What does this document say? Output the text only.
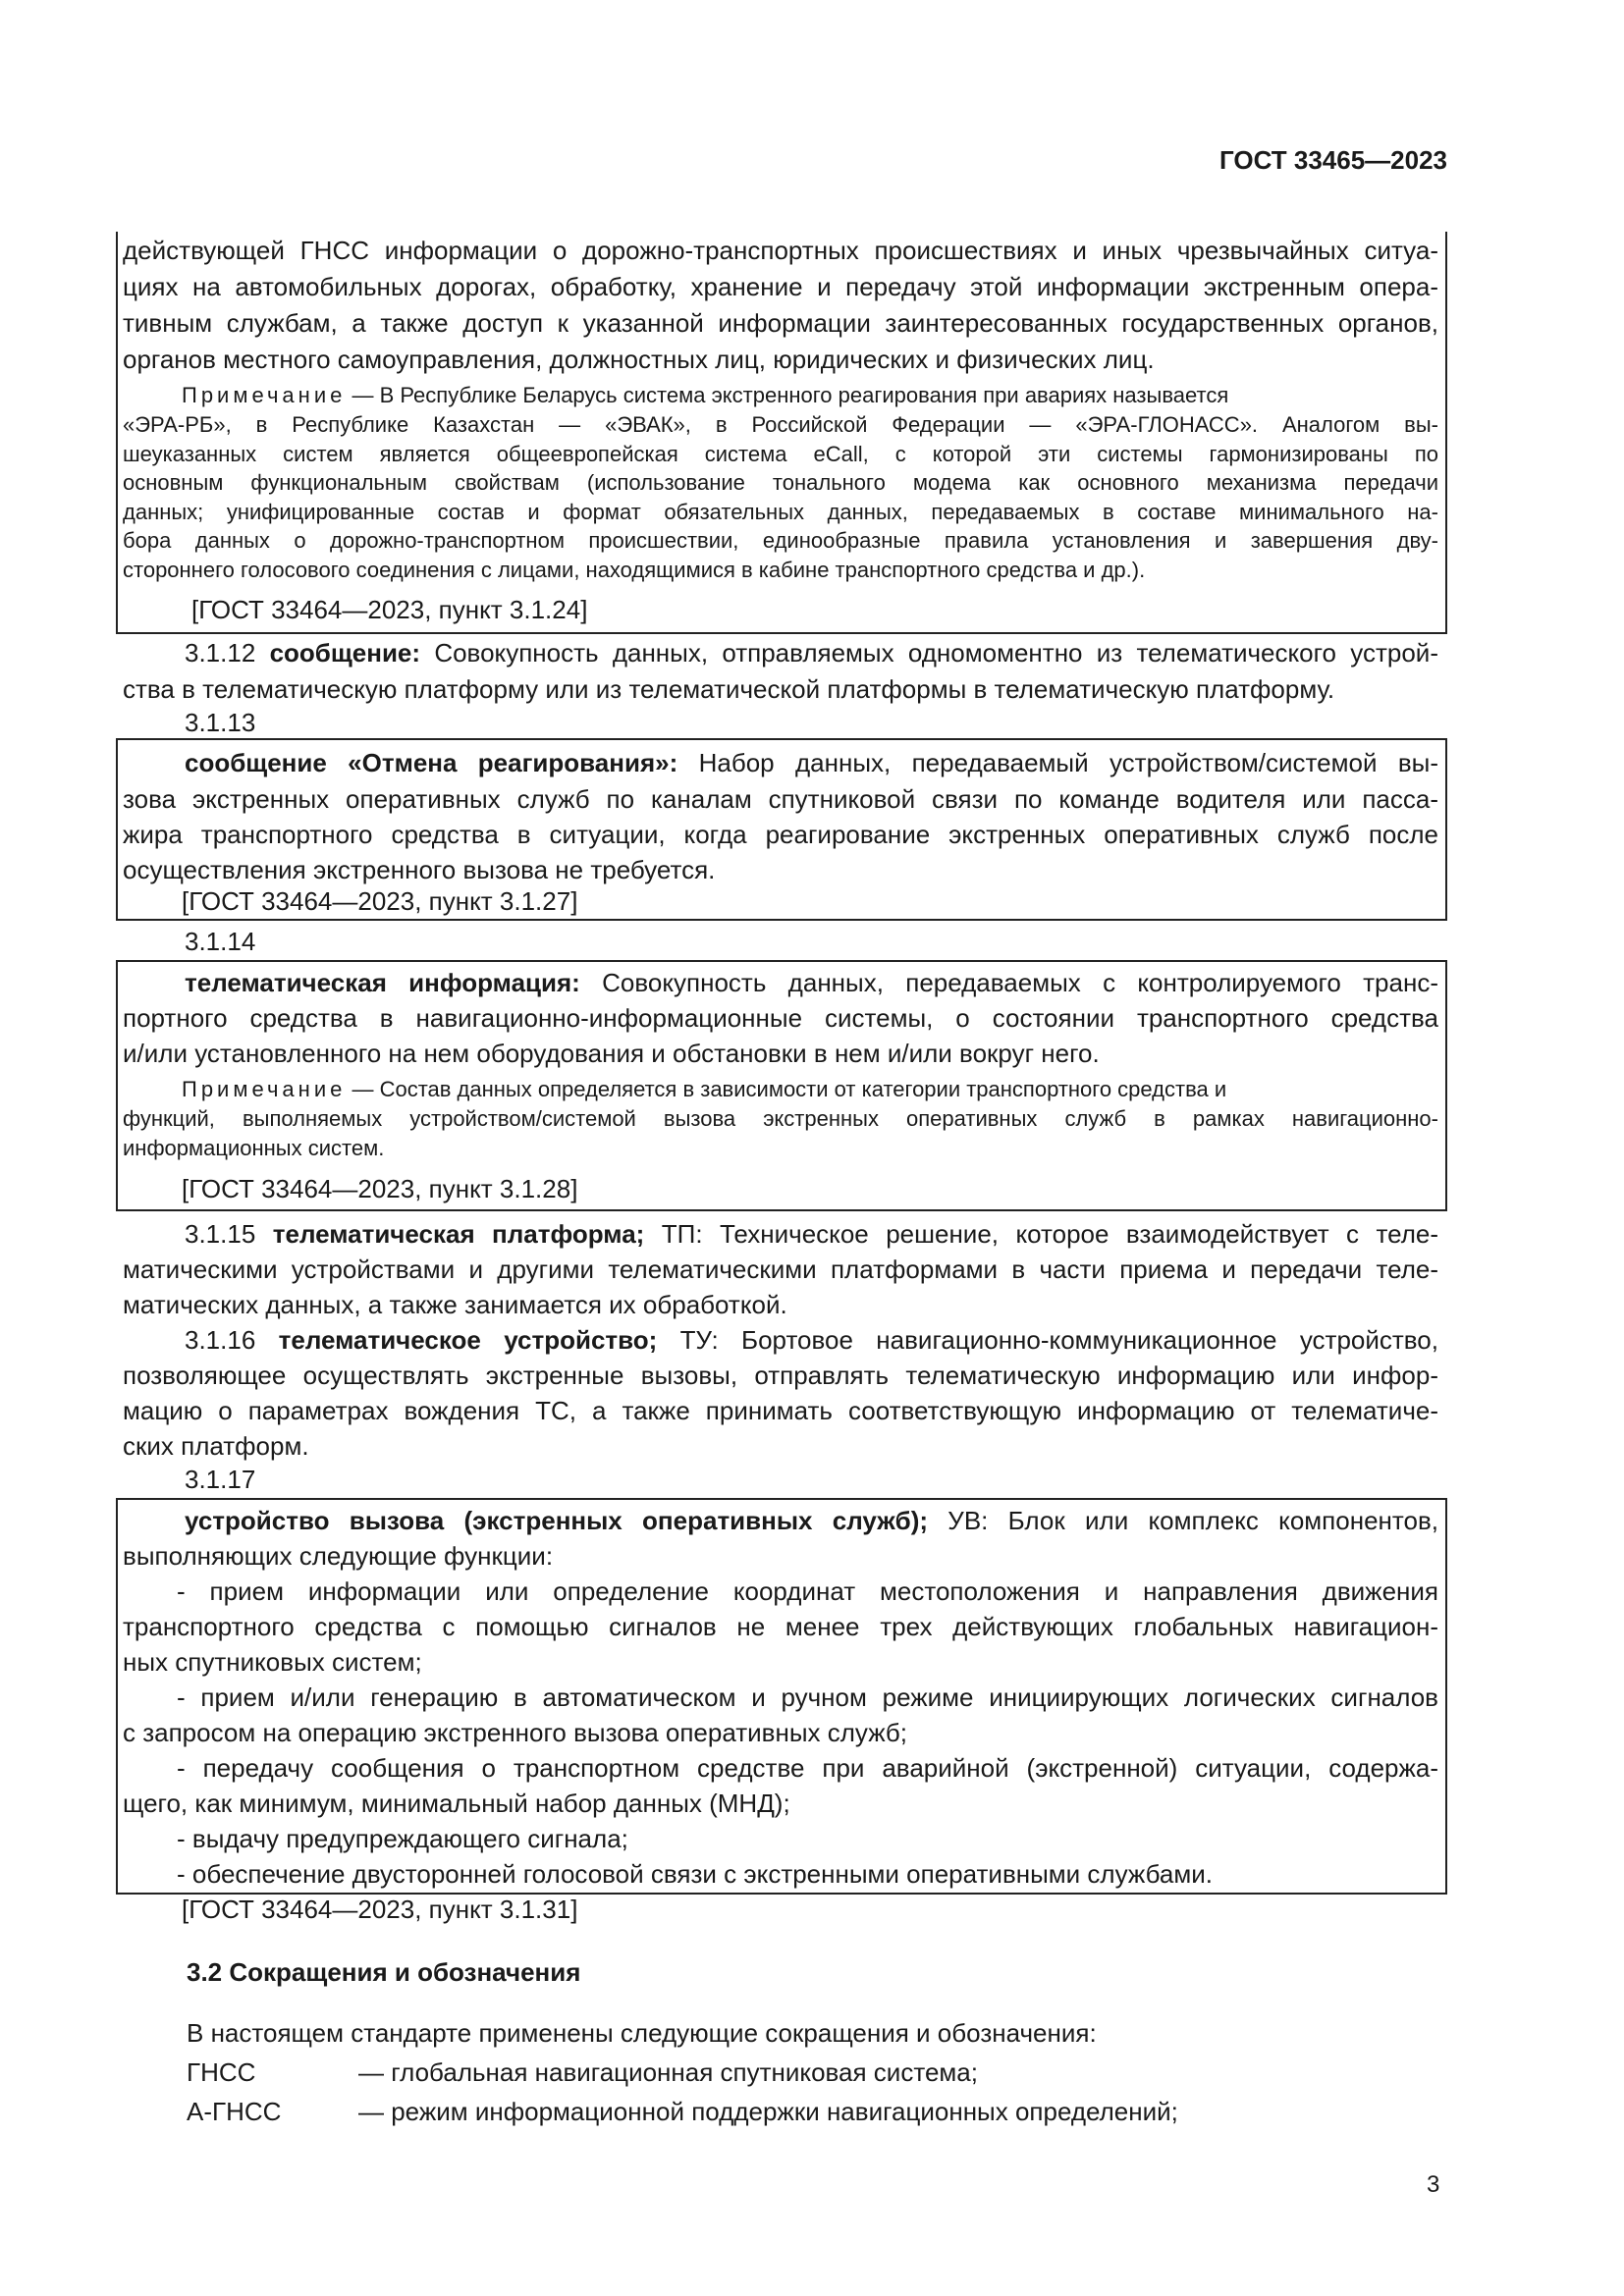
ГОСТ 33465—2023
действующей ГНСС информации о дорожно-транспортных происшествиях и иных чрезвычайных ситуа-
циях на автомобильных дорогах, обработку, хранение и передачу этой информации экстренным опера-
тивным службам, а также доступ к указанной информации заинтересованных государственных органов,
органов местного самоуправления, должностных лиц, юридических и физических лиц.
Примечание — В Республике Беларусь система экстренного реагирования при авариях называется
«ЭРА-РБ», в Республике Казахстан — «ЭВАК», в Российской Федерации — «ЭРА-ГЛОНАСС». Аналогом вы-
шеуказанных систем является общеевропейская система eCall, с которой эти системы гармонизированы по
основным функциональным свойствам (использование тонального модема как основного механизма передачи
данных; унифицированные состав и формат обязательных данных, передаваемых в составе минимального на-
бора данных о дорожно-транспортном происшествии, единообразные правила установления и завершения дву-
стороннего голосового соединения с лицами, находящимися в кабине транспортного средства и др.).
[ГОСТ 33464—2023, пункт 3.1.24]
3.1.12 сообщение: Совокупность данных, отправляемых одномоментно из телематического устрой-
ства в телематическую платформу или из телематической платформы в телематическую платформу.
3.1.13
сообщение «Отмена реагирования»: Набор данных, передаваемый устройством/системой вы-
зова экстренных оперативных служб по каналам спутниковой связи по команде водителя или пасса-
жира транспортного средства в ситуации, когда реагирование экстренных оперативных служб после
осуществления экстренного вызова не требуется.
[ГОСТ 33464—2023, пункт 3.1.27]
3.1.14
телематическая информация: Совокупность данных, передаваемых с контролируемого транс-
портного средства в навигационно-информационные системы, о состоянии транспортного средства
и/или установленного на нем оборудования и обстановки в нем и/или вокруг него.
Примечание — Состав данных определяется в зависимости от категории транспортного средства и
функций, выполняемых устройством/системой вызова экстренных оперативных служб в рамках навигационно-
информационных систем.
[ГОСТ 33464—2023, пункт 3.1.28]
3.1.15 телематическая платформа; ТП: Техническое решение, которое взаимодействует с теле-
матическими устройствами и другими телематическими платформами в части приема и передачи теле-
матических данных, а также занимается их обработкой.
3.1.16 телематическое устройство; ТУ: Бортовое навигационно-коммуникационное устройство,
позволяющее осуществлять экстренные вызовы, отправлять телематическую информацию или инфор-
мацию о параметрах вождения ТС, а также принимать соответствующую информацию от телематиче-
ских платформ.
3.1.17
устройство вызова (экстренных оперативных служб); УВ: Блок или комплекс компонентов,
выполняющих следующие функции:
- прием информации или определение координат местоположения и направления движения
транспортного средства с помощью сигналов не менее трех действующих глобальных навигацион-
ных спутниковых систем;
- прием и/или генерацию в автоматическом и ручном режиме инициирующих логических сигналов
с запросом на операцию экстренного вызова оперативных служб;
- передачу сообщения о транспортном средстве при аварийной (экстренной) ситуации, содержа-
щего, как минимум, минимальный набор данных (МНД);
- выдачу предупреждающего сигнала;
- обеспечение двусторонней голосовой связи с экстренными оперативными службами.
[ГОСТ 33464—2023, пункт 3.1.31]
3.2 Сокращения и обозначения
В настоящем стандарте применены следующие сокращения и обозначения:
ГНСС	— глобальная навигационная спутниковая система;
А-ГНСС	— режим информационной поддержки навигационных определений;
3
